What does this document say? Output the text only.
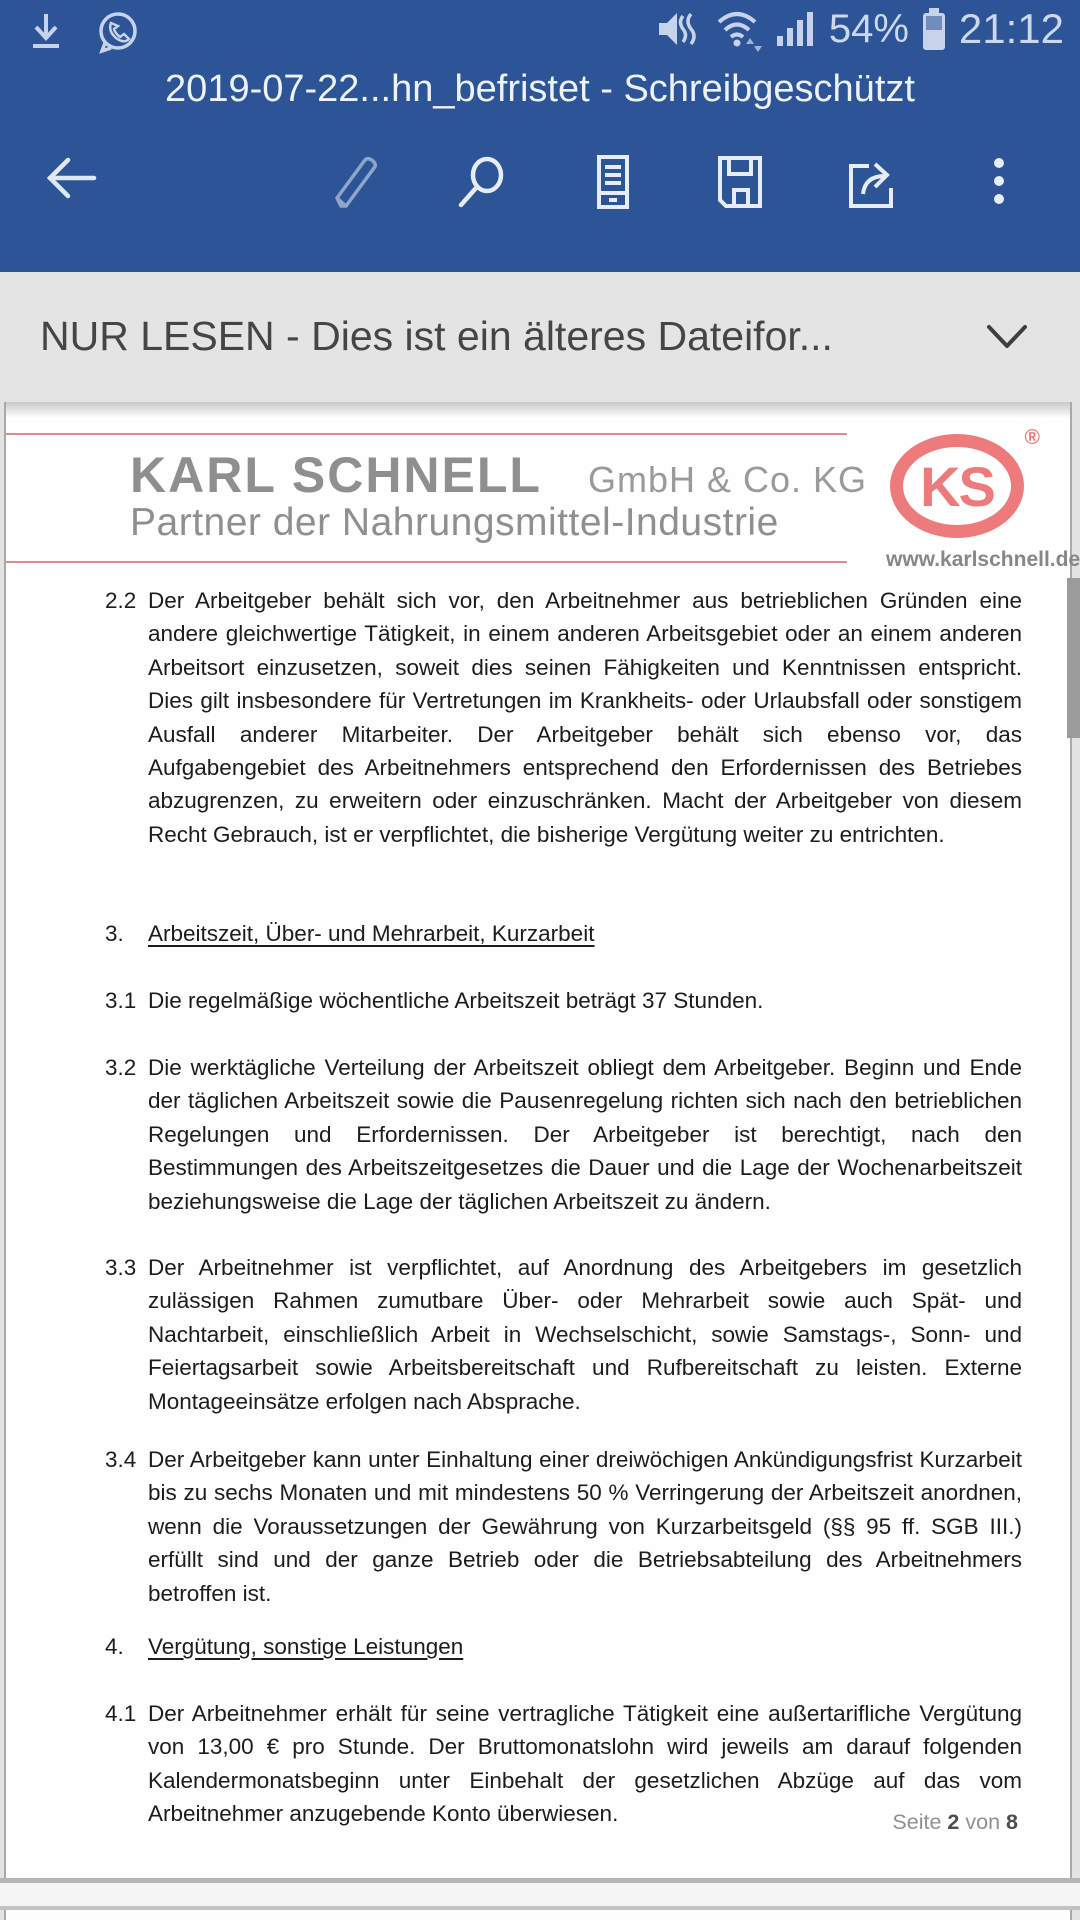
54% 21:12
2019-07-22...hn_befristet - Schreibgeschützt
NUR LESEN - Dies ist ein älteres Dateifor...
KARL SCHNELL GmbH & Co. KG
Partner der Nahrungsmittel-Industrie
KS
®
www.karlschnell.de
2.2 Der Arbeitgeber behält sich vor, den Arbeitnehmer aus betrieblichen Gründen eine andere gleichwertige Tätigkeit, in einem anderen Arbeitsgebiet oder an einem anderen Arbeitsort einzusetzen, soweit dies seinen Fähigkeiten und Kenntnissen entspricht. Dies gilt insbesondere für Vertretungen im Krankheits- oder Urlaubsfall oder sonstigem Ausfall anderer Mitarbeiter. Der Arbeitgeber behält sich ebenso vor, das Aufgabengebiet des Arbeitnehmers entsprechend den Erfordernissen des Betriebes abzugrenzen, zu erweitern oder einzuschränken. Macht der Arbeitgeber von diesem Recht Gebrauch, ist er verpflichtet, die bisherige Vergütung weiter zu entrichten.
3. Arbeitszeit, Über- und Mehrarbeit, Kurzarbeit
3.1 Die regelmäßige wöchentliche Arbeitszeit beträgt 37 Stunden.
3.2 Die werktägliche Verteilung der Arbeitszeit obliegt dem Arbeitgeber. Beginn und Ende der täglichen Arbeitszeit sowie die Pausenregelung richten sich nach den betrieblichen Regelungen und Erfordernissen. Der Arbeitgeber ist berechtigt, nach den Bestimmungen des Arbeitszeitgesetzes die Dauer und die Lage der Wochenarbeitszeit beziehungsweise die Lage der täglichen Arbeitszeit zu ändern.
3.3 Der Arbeitnehmer ist verpflichtet, auf Anordnung des Arbeitgebers im gesetzlich zulässigen Rahmen zumutbare Über- oder Mehrarbeit sowie auch Spät- und Nachtarbeit, einschließlich Arbeit in Wechselschicht, sowie Samstags-, Sonn- und Feiertagsarbeit sowie Arbeitsbereitschaft und Rufbereitschaft zu leisten. Externe Montageeinsätze erfolgen nach Absprache.
3.4 Der Arbeitgeber kann unter Einhaltung einer dreiwöchigen Ankündigungsfrist Kurzarbeit bis zu sechs Monaten und mit mindestens 50 % Verringerung der Arbeitszeit anordnen, wenn die Voraussetzungen der Gewährung von Kurzarbeitsgeld (§§ 95 ff. SGB III.) erfüllt sind und der ganze Betrieb oder die Betriebsabteilung des Arbeitnehmers betroffen ist.
4. Vergütung, sonstige Leistungen
4.1 Der Arbeitnehmer erhält für seine vertragliche Tätigkeit eine außertarifliche Vergütung von 13,00 € pro Stunde. Der Bruttomonatslohn wird jeweils am darauf folgenden Kalendermonatsbeginn unter Einbehalt der gesetzlichen Abzüge auf das vom Arbeitnehmer anzugebende Konto überwiesen.	Seite 2 von 8
